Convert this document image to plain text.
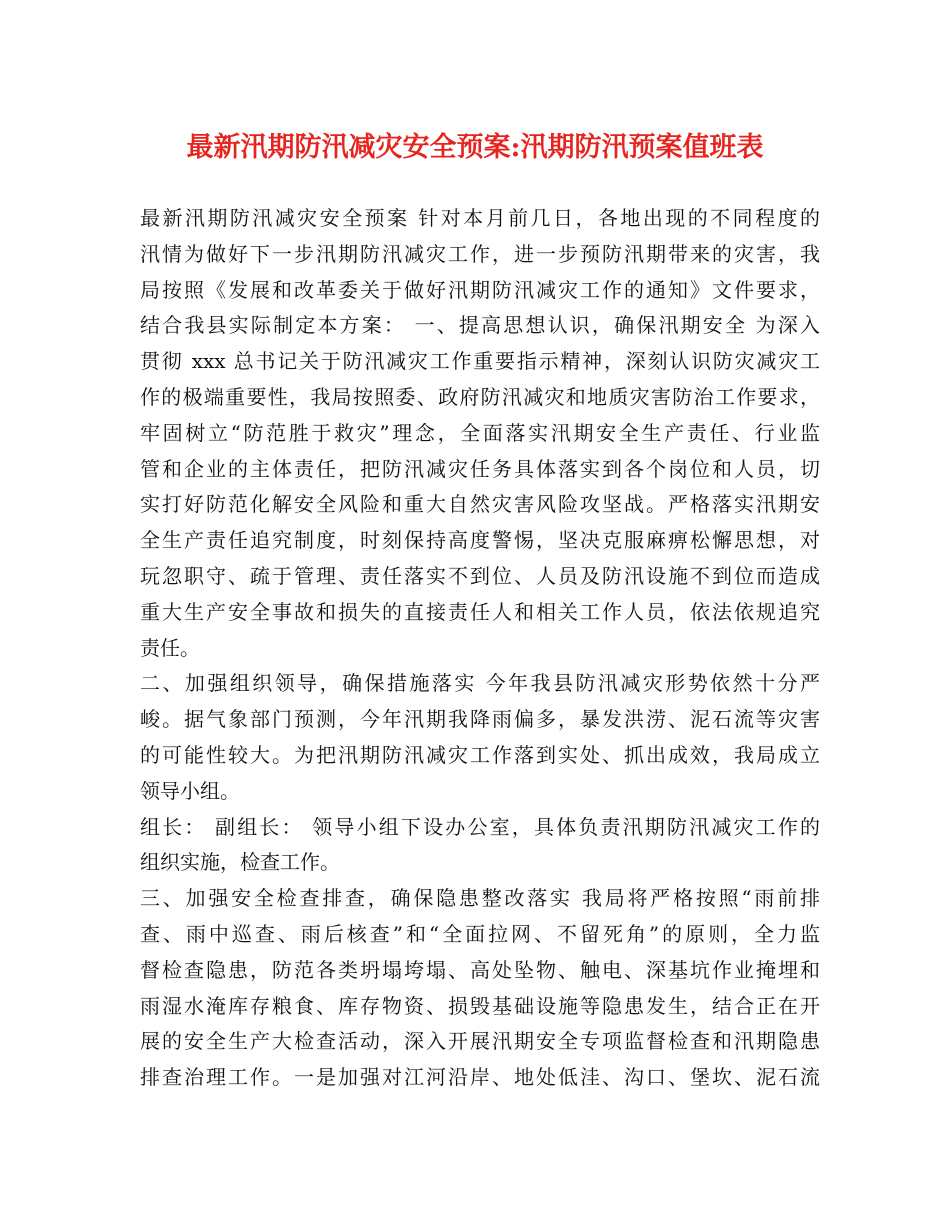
最新汛期防汛减灾安全预案:汛期防汛预案值班表
最新汛期防汛减灾安全预案 针对本月前几日，各地出现的不同程度的
汛情为做好下一步汛期防汛减灾工作，进一步预防汛期带来的灾害，我
局按照《发展和改革委关于做好汛期防汛减灾工作的通知》文件要求，
结合我县实际制定本方案： 一、提高思想认识，确保汛期安全 为深入
贯彻 xxx 总书记关于防汛减灾工作重要指示精神，深刻认识防灾减灾工
作的极端重要性，我局按照委、政府防汛减灾和地质灾害防治工作要求，
牢固树立“防范胜于救灾”理念，全面落实汛期安全生产责任、行业监
管和企业的主体责任，把防汛减灾任务具体落实到各个岗位和人员，切
实打好防范化解安全风险和重大自然灾害风险攻坚战。严格落实汛期安
全生产责任追究制度，时刻保持高度警惕，坚决克服麻痹松懈思想，对
玩忽职守、疏于管理、责任落实不到位、人员及防汛设施不到位而造成
重大生产安全事故和损失的直接责任人和相关工作人员，依法依规追究
责任。
二、加强组织领导，确保措施落实 今年我县防汛减灾形势依然十分严
峻。据气象部门预测，今年汛期我降雨偏多，暴发洪涝、泥石流等灾害
的可能性较大。为把汛期防汛减灾工作落到实处、抓出成效，我局成立
领导小组。
组长： 副组长： 领导小组下设办公室，具体负责汛期防汛减灾工作的
组织实施，检查工作。
三、加强安全检查排查，确保隐患整改落实 我局将严格按照“雨前排
查、雨中巡查、雨后核查”和“全面拉网、不留死角”的原则，全力监
督检查隐患，防范各类坍塌垮塌、高处坠物、触电、深基坑作业掩埋和
雨湿水淹库存粮食、库存物资、损毁基础设施等隐患发生，结合正在开
展的安全生产大检查活动，深入开展汛期安全专项监督检查和汛期隐患
排查治理工作。一是加强对江河沿岸、地处低洼、沟口、堡坎、泥石流
